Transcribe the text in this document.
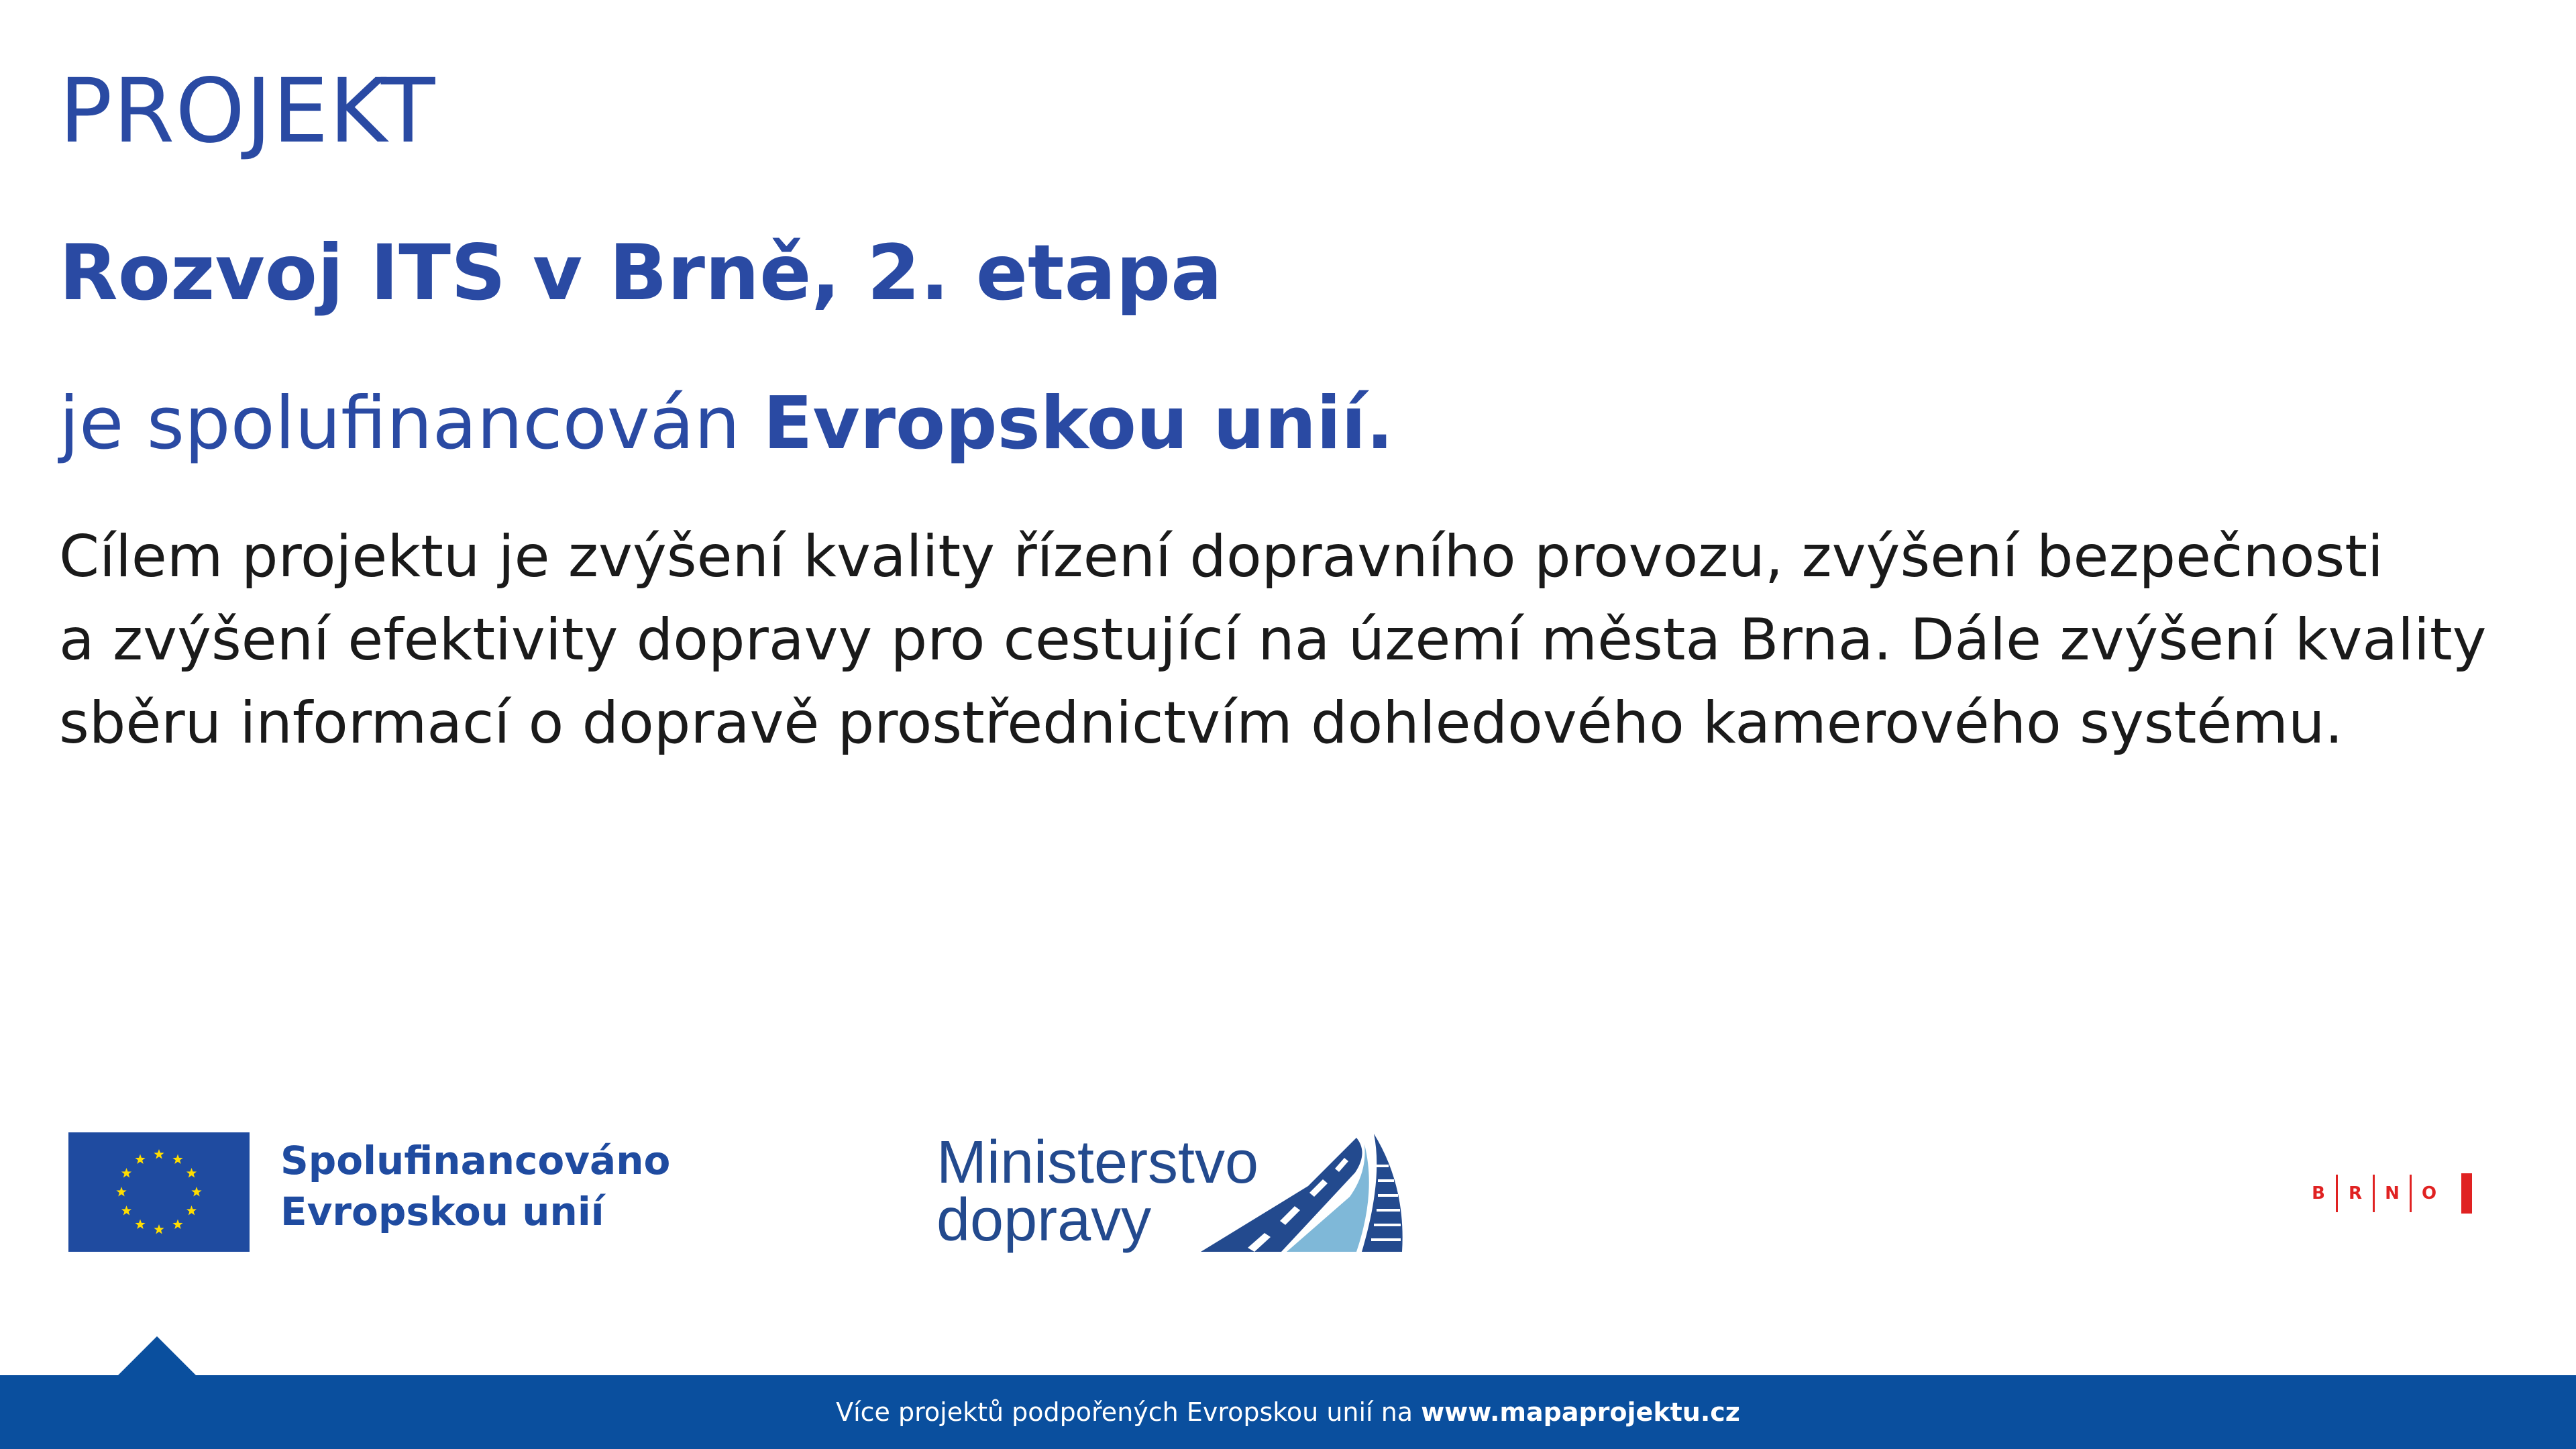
PROJEKT
Rozvoj ITS v Brně, 2. etapa
je spolufinancován Evropskou unií.
Cílem projektu je zvýšení kvality řízení dopravního provozu, zvýšení bezpečnosti
a zvýšení efektivity dopravy pro cestující na území města Brna. Dále zvýšení kvality
sběru informací o dopravě prostřednictvím dohledového kamerového systému.
Spolufinancováno
Evropskou unií
Ministerstvo
dopravy	B	R	N	O
Více projektů podpořených Evropskou unií na www.mapaprojektu.cz
